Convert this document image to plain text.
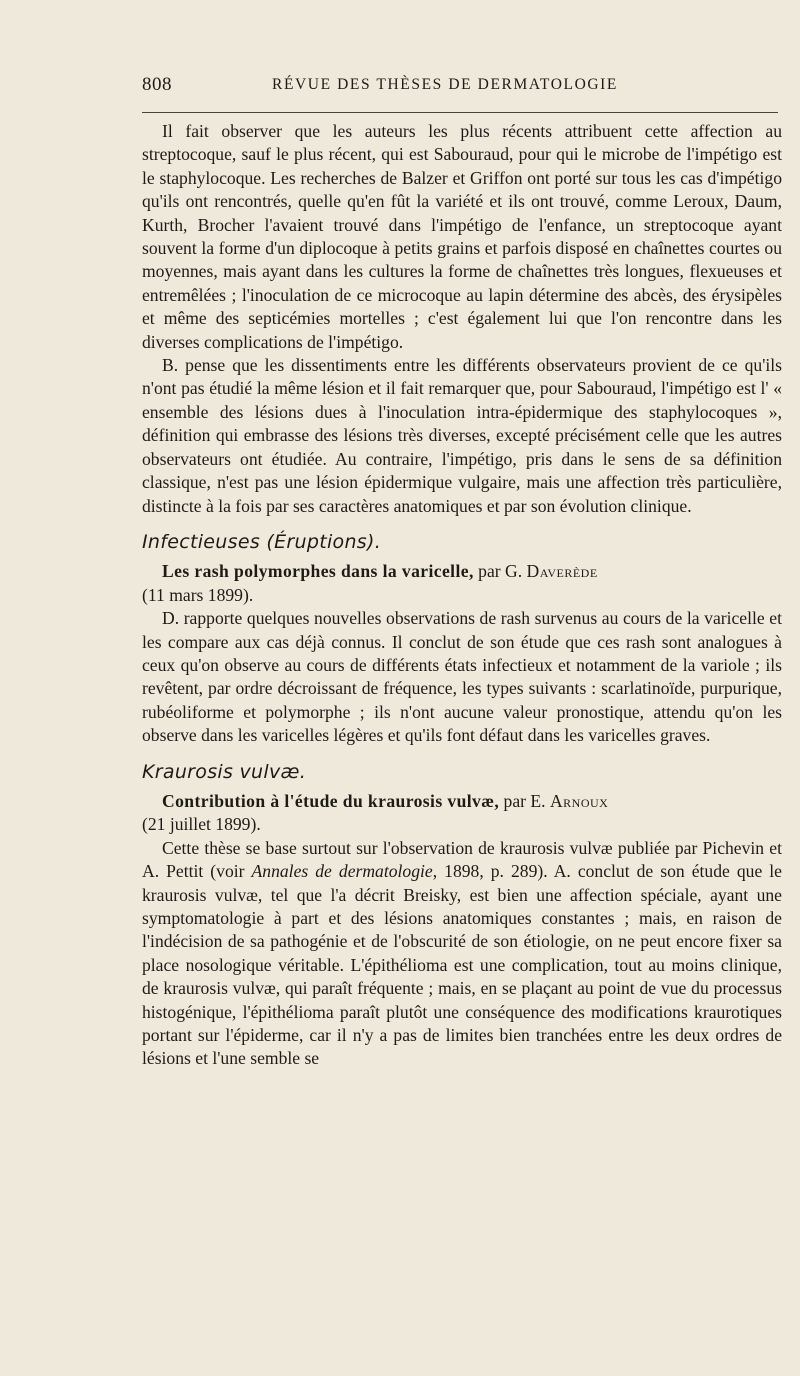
808	RÉVUE DES THÈSES DE DERMATOLOGIE

Il fait observer que les auteurs les plus récents attribuent cette affection au streptocoque, sauf le plus récent, qui est Sabouraud, pour qui le microbe de l'impétigo est le staphylocoque. Les recherches de Balzer et Griffon ont porté sur tous les cas d'impétigo qu'ils ont rencontrés, quelle qu'en fût la variété et ils ont trouvé, comme Leroux, Daum, Kurth, Brocher l'avaient trouvé dans l'impétigo de l'enfance, un streptocoque ayant souvent la forme d'un diplocoque à petits grains et parfois disposé en chaînettes courtes ou moyennes, mais ayant dans les cultures la forme de chaînettes très longues, flexueuses et entremêlées ; l'inoculation de ce microcoque au lapin détermine des abcès, des érysipèles et même des septicémies mortelles ; c'est également lui que l'on rencontre dans les diverses complications de l'impétigo.

B. pense que les dissentiments entre les différents observateurs provient de ce qu'ils n'ont pas étudié la même lésion et il fait remarquer que, pour Sabouraud, l'impétigo est l' « ensemble des lésions dues à l'inoculation intra-épidermique des staphylocoques », définition qui embrasse des lésions très diverses, excepté précisément celle que les autres observateurs ont étudiée. Au contraire, l'impétigo, pris dans le sens de sa définition classique, n'est pas une lésion épidermique vulgaire, mais une affection très particulière, distincte à la fois par ses caractères anatomiques et par son évolution clinique.

Infectieuses (Éruptions).

Les rash polymorphes dans la varicelle, par G. Daverède
(11 mars 1899).

D. rapporte quelques nouvelles observations de rash survenus au cours de la varicelle et les compare aux cas déjà connus. Il conclut de son étude que ces rash sont analogues à ceux qu'on observe au cours de différents états infectieux et notamment de la variole ; ils revêtent, par ordre décroissant de fréquence, les types suivants : scarlatinoïde, purpurique, rubéoliforme et polymorphe ; ils n'ont aucune valeur pronostique, attendu qu'on les observe dans les varicelles légères et qu'ils font défaut dans les varicelles graves.

Kraurosis vulvæ.

Contribution à l'étude du kraurosis vulvæ, par E. Arnoux
(21 juillet 1899).

Cette thèse se base surtout sur l'observation de kraurosis vulvæ publiée par Pichevin et A. Pettit (voir Annales de dermatologie, 1898, p. 289). A. conclut de son étude que le kraurosis vulvæ, tel que l'a décrit Breisky, est bien une affection spéciale, ayant une symptomatologie à part et des lésions anatomiques constantes ; mais, en raison de l'indécision de sa pathogénie et de l'obscurité de son étiologie, on ne peut encore fixer sa place nosologique véritable. L'épithélioma est une complication, tout au moins clinique, de kraurosis vulvæ, qui paraît fréquente ; mais, en se plaçant au point de vue du processus histogénique, l'épithélioma paraît plutôt une conséquence des modifications kraurotiques portant sur l'épiderme, car il n'y a pas de limites bien tranchées entre les deux ordres de lésions et l'une semble se
